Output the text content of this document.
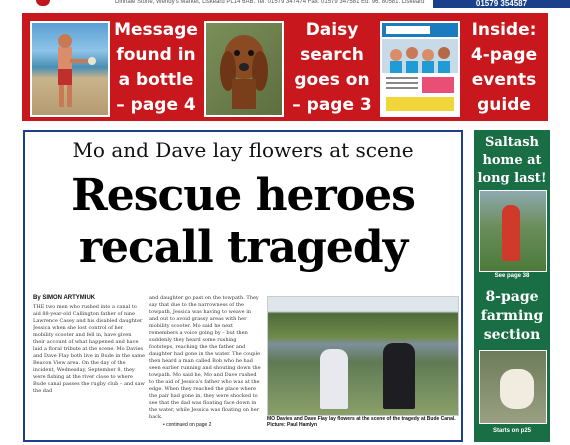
Dinhale Stone, Wendy's Market, Liskeard PL14 6AB. Tel: 01579 347474 Fax: 01579 347581 Ed: 96. 80581. Liskeard	01579 354587
Message
found in
a bottle
– page 4
Daisy
search
goes on
– page 3
Inside:
4-page
events
guide
Mo and Dave lay flowers at scene
Rescue heroes
recall tragedy
By SIMON ARTYMIUK
THE two men who rushed into a canal to aid 88-year-old Callington father of nine Lawrence Casey and his disabled daughter Jessica when she lost control of her mobility scooter and fell in, have given their account of what happened and have laid a floral tribute at the scene. Mo Davies and Dave Flay both live in Bude in the same Beacon View area. On the day of the incident, Wednesday, September 8, they were fishing at the river close to where Bude canal passes the rugby club – and saw the dad
and daughter go past on the towpath. They say that due to the narrowness of the towpath, Jessica was having to weave in and out to avoid grassy areas with her mobility scooter. Mo said he next remembers a voice going by – but then suddenly they heard some rushing footsteps, reaching the the father and daughter had gone in the water. The couple then heard a man called Bob who he had seen earlier running and shouting down the towpath. Mo said he, Mo and Dave rushed to the aid of Jessica's father who was at the edge. When they reached the place where the pair had gone in, they were shocked to see that the dad was floating face down in the water, while Jessica was floating on her back.	MO Davies and Dave Flay lay flowers at the scene of the tragedy at Bude Canal. Picture: Paul Hamlyn
• continued on page 2
Saltash
home at
long last!
See page 38
8-page
farming
section
Starts on p25
